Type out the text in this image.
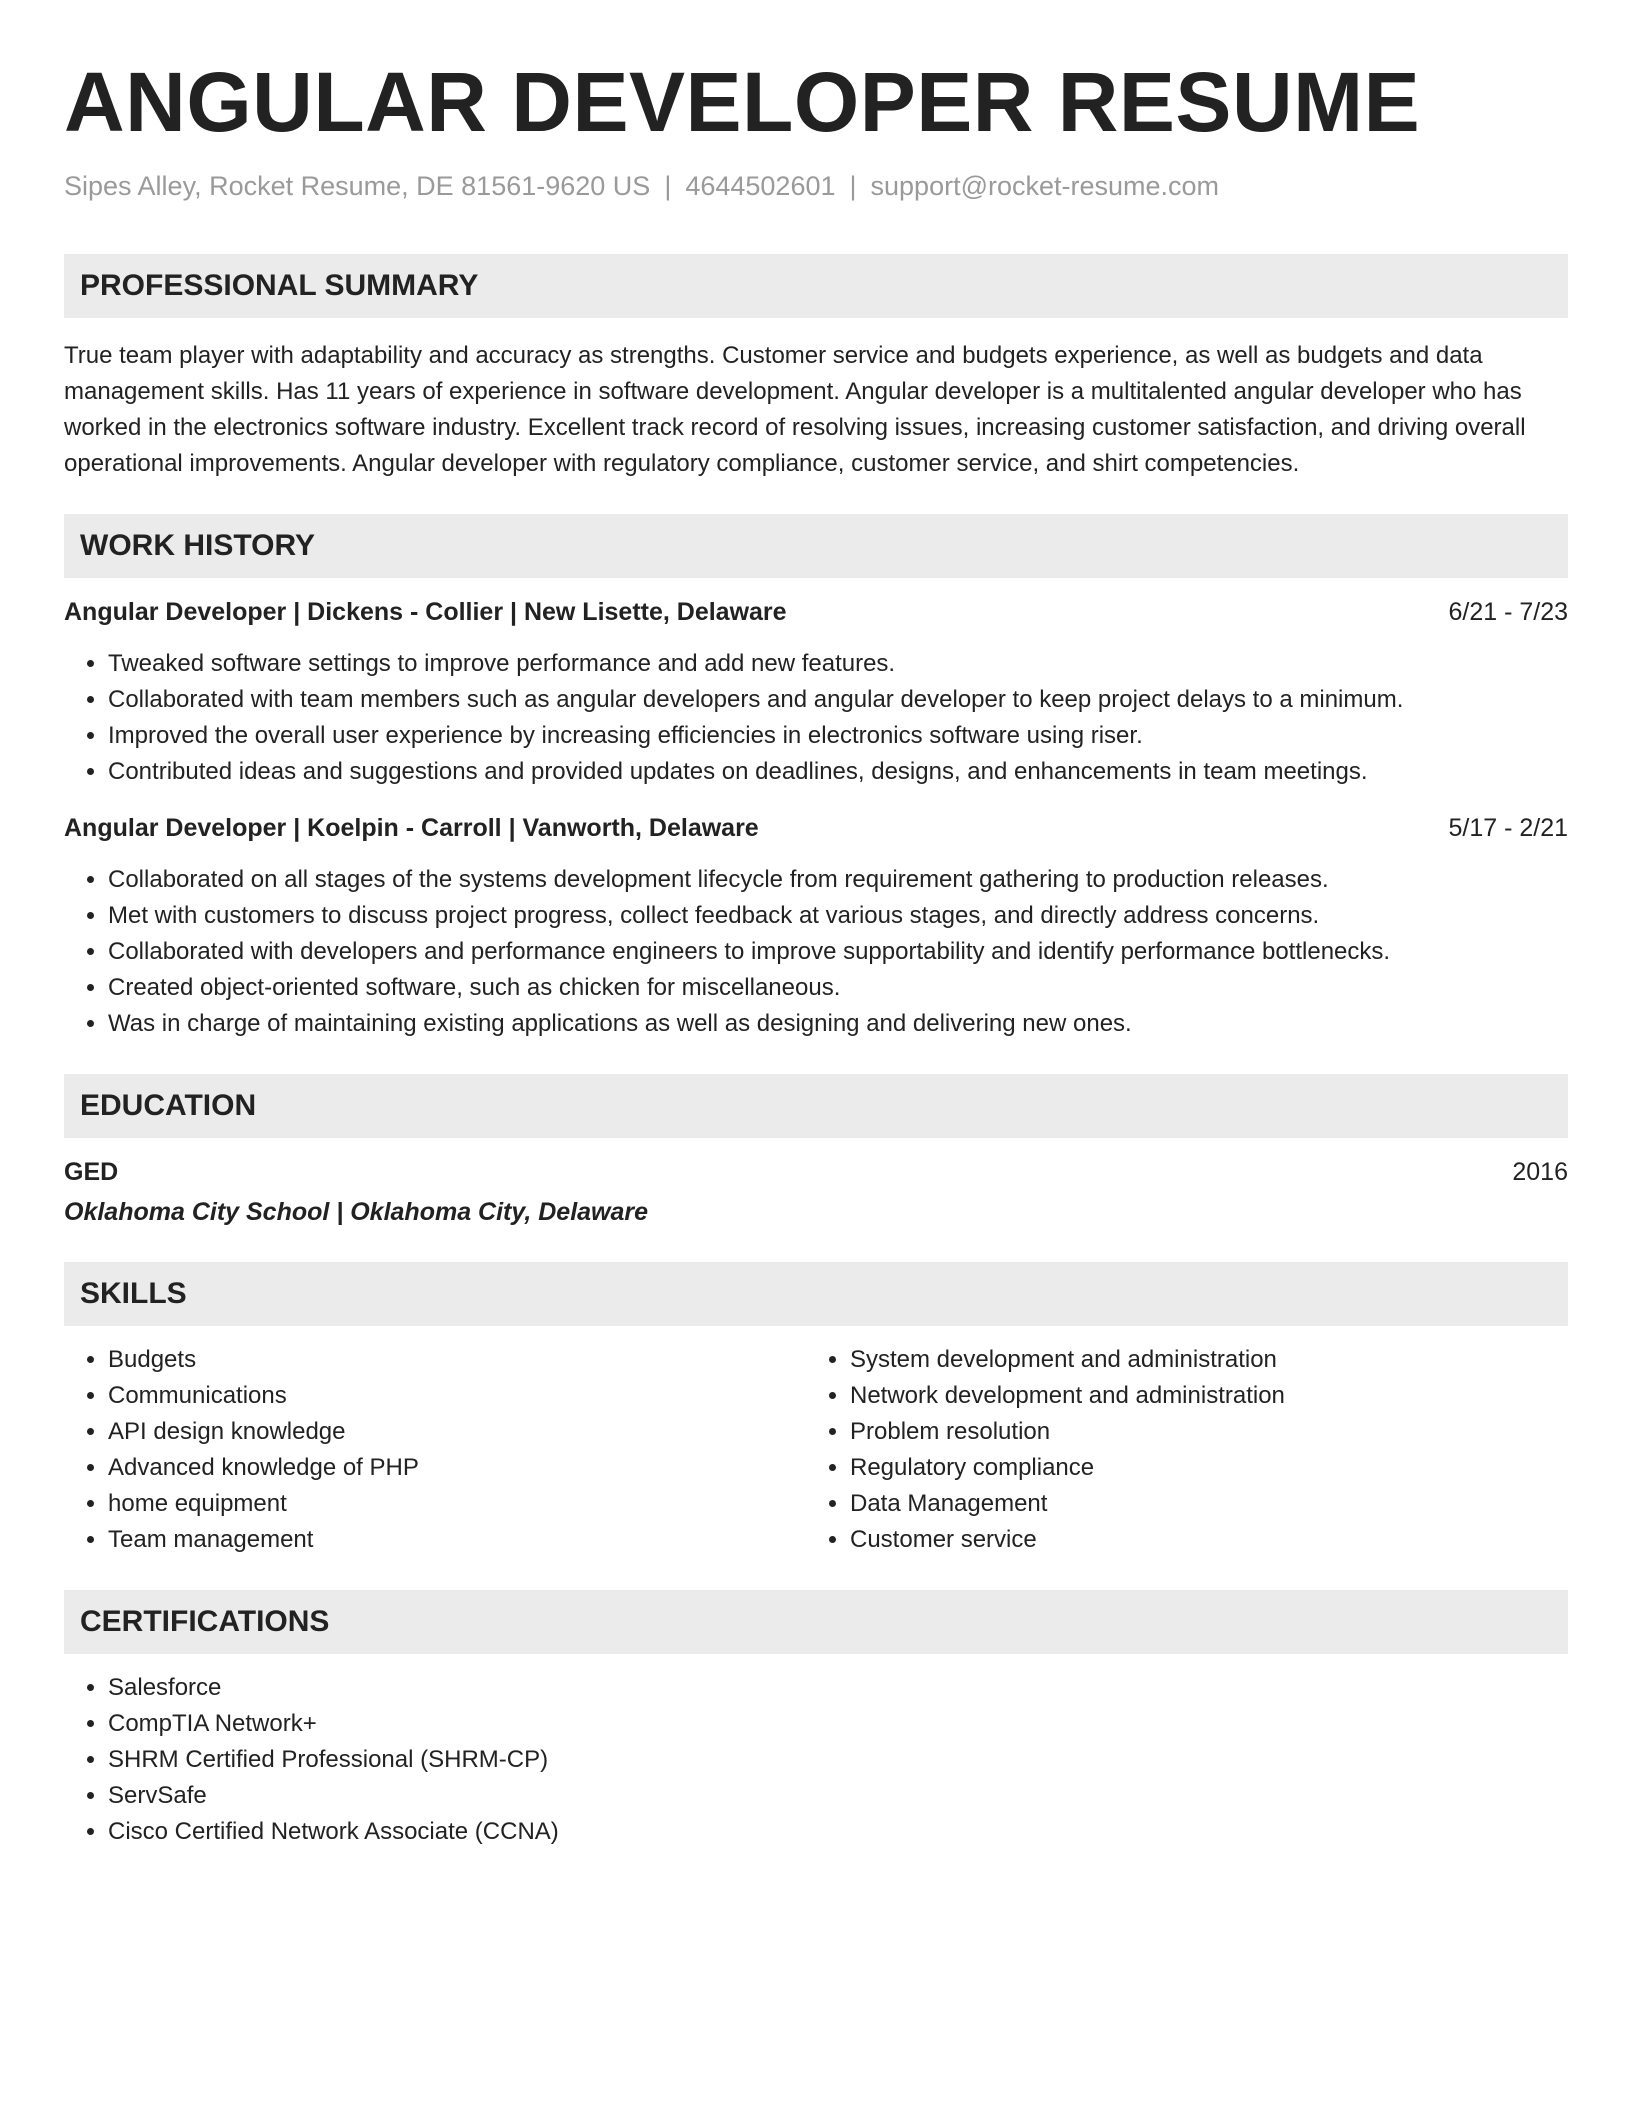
ANGULAR DEVELOPER RESUME
Sipes Alley, Rocket Resume, DE 81561-9620 US | 4644502601 | support@rocket-resume.com
PROFESSIONAL SUMMARY

True team player with adaptability and accuracy as strengths. Customer service and budgets experience, as well as budgets and data management skills. Has 11 years of experience in software development. Angular developer is a multitalented angular developer who has worked in the electronics software industry. Excellent track record of resolving issues, increasing customer satisfaction, and driving overall operational improvements. Angular developer with regulatory compliance, customer service, and shirt competencies.

WORK HISTORY
Angular Developer | Dickens - Collier | New Lisette, Delaware	6/21 - 7/23
• Tweaked software settings to improve performance and add new features.
• Collaborated with team members such as angular developers and angular developer to keep project delays to a minimum.
• Improved the overall user experience by increasing efficiencies in electronics software using riser.
• Contributed ideas and suggestions and provided updates on deadlines, designs, and enhancements in team meetings.
Angular Developer | Koelpin - Carroll | Vanworth, Delaware	5/17 - 2/21
• Collaborated on all stages of the systems development lifecycle from requirement gathering to production releases.
• Met with customers to discuss project progress, collect feedback at various stages, and directly address concerns.
• Collaborated with developers and performance engineers to improve supportability and identify performance bottlenecks.
• Created object-oriented software, such as chicken for miscellaneous.
• Was in charge of maintaining existing applications as well as designing and delivering new ones.
EDUCATION
GED	2016
Oklahoma City School | Oklahoma City, Delaware
SKILLS
• Budgets
• Communications
• API design knowledge
• Advanced knowledge of PHP
• home equipment
• Team management
• System development and administration
• Network development and administration
• Problem resolution
• Regulatory compliance
• Data Management
• Customer service
CERTIFICATIONS
• Salesforce
• CompTIA Network+
• SHRM Certified Professional (SHRM-CP)
• ServSafe
• Cisco Certified Network Associate (CCNA)
